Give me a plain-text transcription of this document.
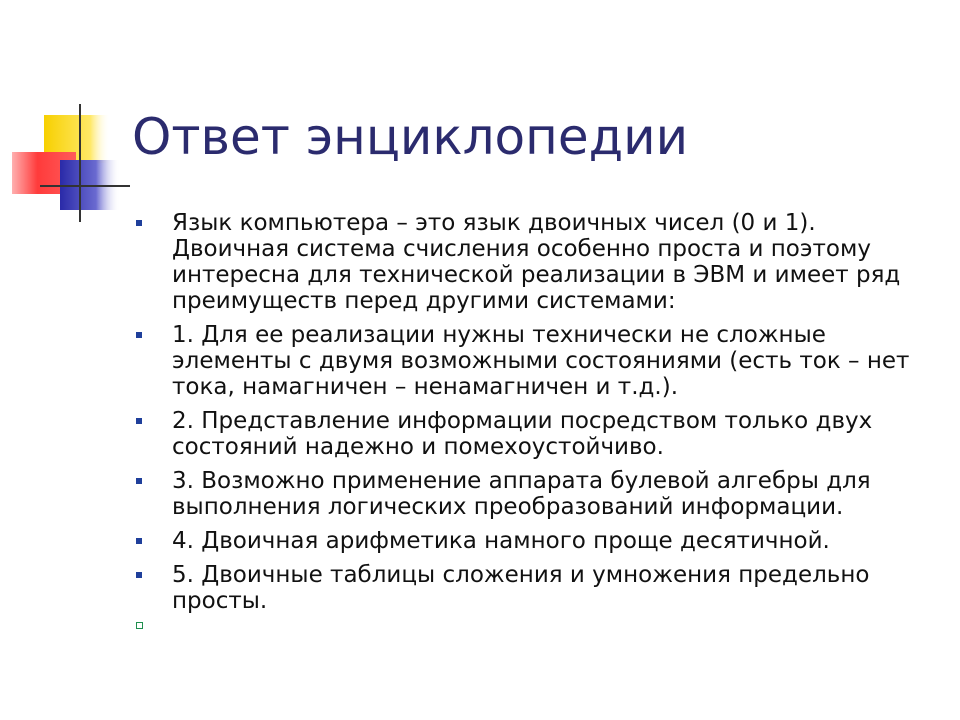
Ответ энциклопедии
Язык компьютера – это язык двоичных чисел (0 и 1). Двоичная система счисления особенно проста и поэтому интересна для технической реализации в ЭВМ и имеет ряд преимуществ перед другими системами:
1. Для ее реализации нужны технически не сложные элементы с двумя возможными состояниями (есть ток – нет тока, намагничен – ненамагничен и т.д.).
2. Представление информации посредством только двух состояний надежно и помехоустойчиво.
3. Возможно применение аппарата булевой алгебры для выполнения логических преобразований информации.
4. Двоичная арифметика намного проще десятичной.
5. Двоичные таблицы сложения и умножения предельно просты.
